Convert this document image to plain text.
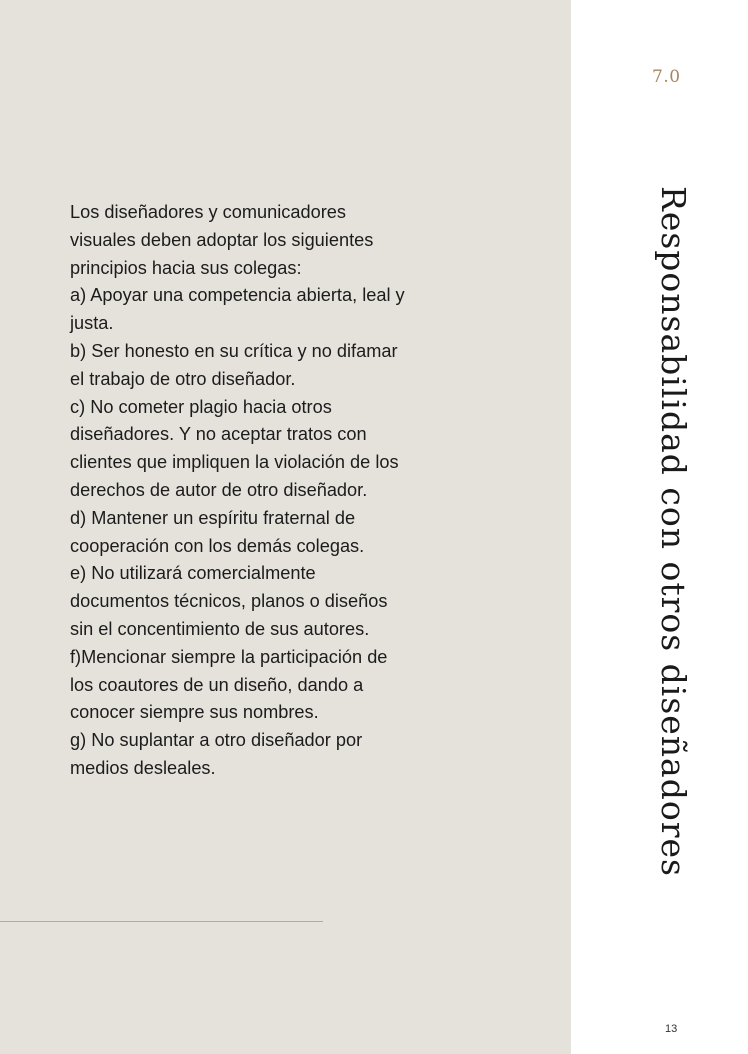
Los diseñadores y comunicadores visuales deben adoptar los siguientes principios hacia sus colegas:

a) Apoyar una competencia abierta, leal y justa.

b) Ser honesto en su crítica y no difamar el trabajo de otro diseñador.

c) No cometer plagio hacia otros diseñadores. Y no aceptar tratos con clientes que impliquen la violación de los derechos de autor de otro diseñador.

d) Mantener un espíritu fraternal de cooperación con los demás colegas.

e) No utilizará comercialmente documentos técnicos, planos o diseños sin el concentimiento de sus autores.

f)Mencionar siempre la participación de los coautores de un diseño, dando a conocer siempre sus nombres.

g) No suplantar a otro diseñador por medios desleales.

7.0
Responsabilidad con otros diseñadores
13
